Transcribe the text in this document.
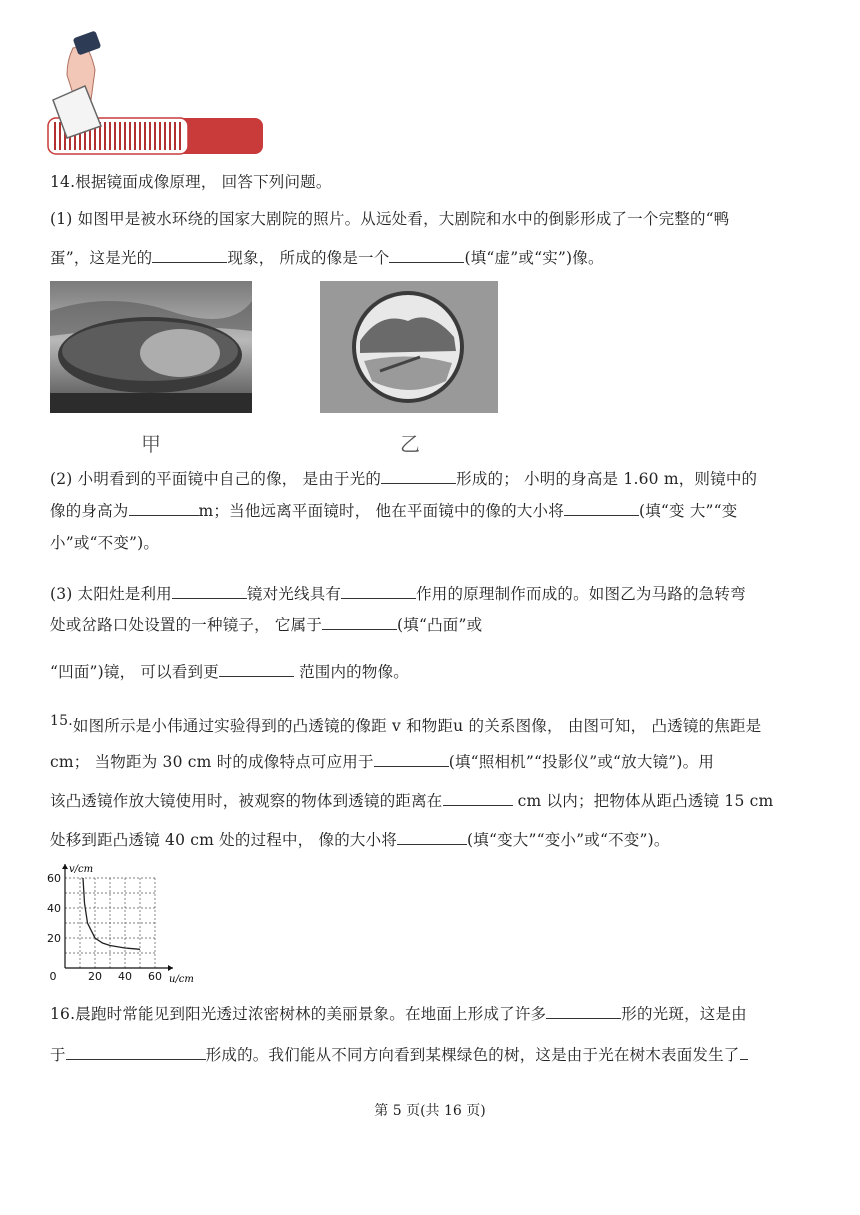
14.根据镜面成像原理， 回答下列问题。
(1) 如图甲是被水环绕的国家大剧院的照片。从远处看，大剧院和水中的倒影形成了一个完整的“鸭
蛋”，这是光的	现象， 所成的像是一个	(填“虚”或“实”)像。
甲	乙
(2) 小明看到的平面镜中自己的像， 是由于光的	形成的； 小明的身高是 1.60 m，则镜中的
像的身高为	m；当他远离平面镜时， 他在平面镜中的像的大小将	(填“变 大”“变
小”或“不变”)。
(3) 太阳灶是利用	镜对光线具有	作用的原理制作而成的。如图乙为马路的急转弯
处或岔路口处设置的一种镜子， 它属于	(填“凸面”或
“凹面”)镜， 可以看到更	范围内的物像。
15.如图所示是小伟通过实验得到的凸透镜的像距 v 和物距u 的关系图像， 由图可知， 凸透镜的焦距是
cm； 当物距为 30 cm 时的成像特点可应用于	(填“照相机”“投影仪”或“放大镜”)。用
该凸透镜作放大镜使用时，被观察的物体到透镜的距离在	cm 以内；把物体从距凸透镜 15 cm
处移到距凸透镜 40 cm 处的过程中， 像的大小将	(填“变大”“变小”或“不变”)。
0	20 40 60
20
40
60
v/cm
u/cm
16.晨跑时常能见到阳光透过浓密树林的美丽景象。在地面上形成了许多	形的光斑，这是由
于	形成的。我们能从不同方向看到某棵绿色的树，这是由于光在树木表面发生了
第 5 页(共 16 页)
